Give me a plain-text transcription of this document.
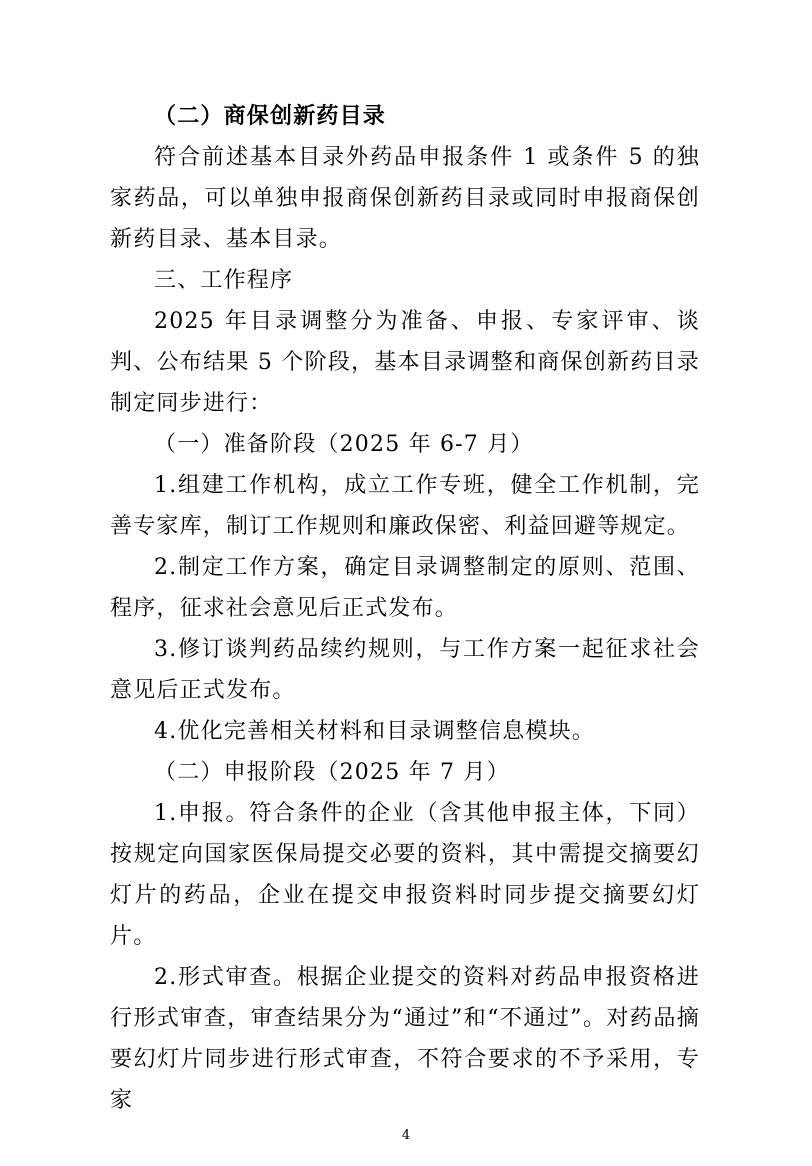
（二）商保创新药目录

符合前述基本目录外药品申报条件 1 或条件 5 的独家药品，可以单独申报商保创新药目录或同时申报商保创新药目录、基本目录。

三、工作程序

2025 年目录调整分为准备、申报、专家评审、谈判、公布结果 5 个阶段，基本目录调整和商保创新药目录制定同步进行：

（一）准备阶段（2025 年 6-7 月）

1.组建工作机构，成立工作专班，健全工作机制，完善专家库，制订工作规则和廉政保密、利益回避等规定。

2.制定工作方案，确定目录调整制定的原则、范围、程序，征求社会意见后正式发布。

3.修订谈判药品续约规则，与工作方案一起征求社会意见后正式发布。

4.优化完善相关材料和目录调整信息模块。

（二）申报阶段（2025 年 7 月）

1.申报。符合条件的企业（含其他申报主体，下同）按规定向国家医保局提交必要的资料，其中需提交摘要幻灯片的药品，企业在提交申报资料时同步提交摘要幻灯片。

2.形式审查。根据企业提交的资料对药品申报资格进行形式审查，审查结果分为“通过”和“不通过”。对药品摘要幻灯片同步进行形式审查，不符合要求的不予采用，专家

4
